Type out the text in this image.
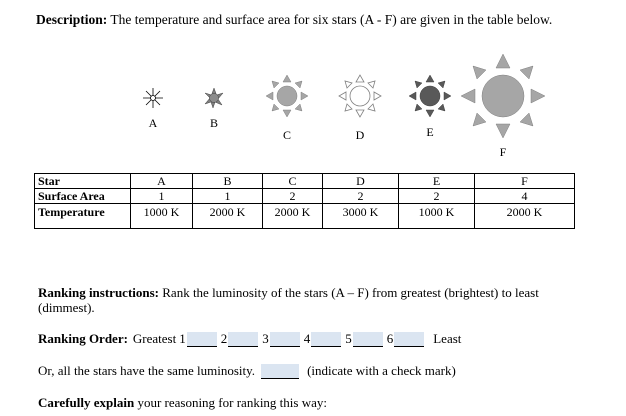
Description: The temperature and surface area for six stars (A - F) are given in the table below.
A	B
C	D	E
F
Star	A	B	C	D	E	F
Surface Area	1	1	2	2	2	4
Temperature	1000 K	2000 K	2000 K	3000 K	1000 K	2000 K
Ranking instructions: Rank the luminosity of the stars (A – F) from greatest (brightest) to least (dimmest).
Ranking Order: Greatest 1	2	3	4	5	6	Least
Or, all the stars have the same luminosity.	(indicate with a check mark)
Carefully explain your reasoning for ranking this way:
